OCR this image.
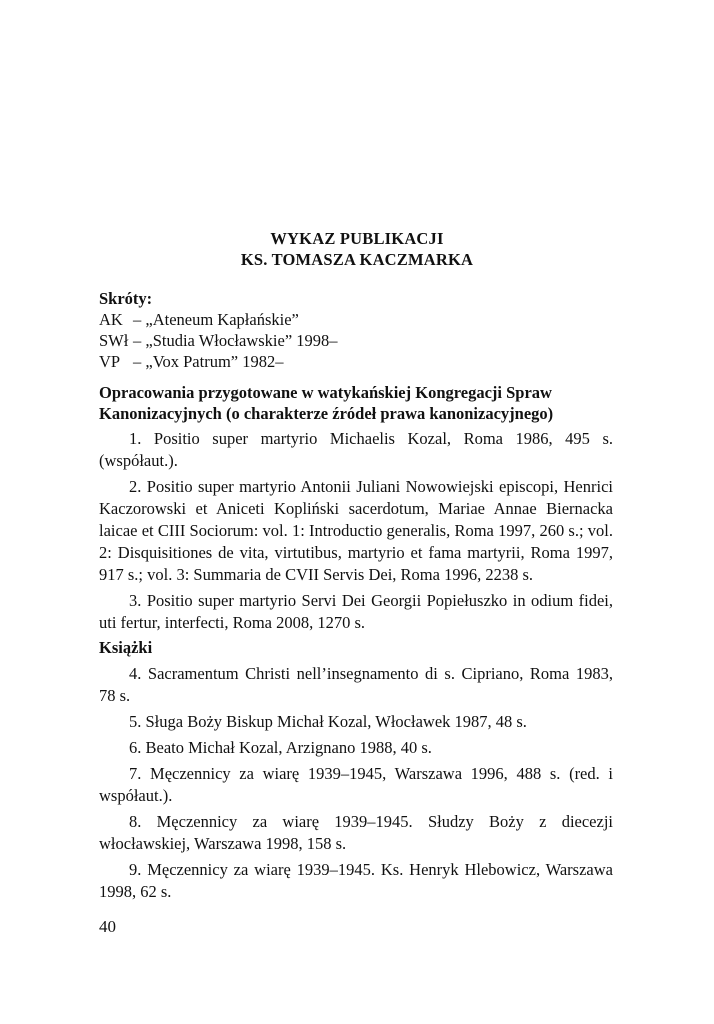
WYKAZ PUBLIKACJI
KS. TOMASZA KACZMARKA
Skróty:
AK – „Ateneum Kapłańskie”
SWł – „Studia Włocławskie” 1998–
VP – „Vox Patrum” 1982–
Opracowania przygotowane w watykańskiej Kongregacji Spraw Kanonizacyjnych (o charakterze źródeł prawa kanonizacyjnego)

1. Positio super martyrio Michaelis Kozal, Roma 1986, 495 s. (współaut.).

2. Positio super martyrio Antonii Juliani Nowowiejski episcopi, Henrici Kaczorowski et Aniceti Kopliński sacerdotum, Mariae Annae Biernacka laicae et CIII Sociorum: vol. 1: Introductio generalis, Roma 1997, 260 s.; vol. 2: Disquisitiones de vita, virtutibus, martyrio et fama martyrii, Roma 1997, 917 s.; vol. 3: Summaria de CVII Servis Dei, Roma 1996, 2238 s.

3. Positio super martyrio Servi Dei Georgii Popiełuszko in odium fidei, uti fertur, interfecti, Roma 2008, 1270 s.

Książki

4. Sacramentum Christi nell’insegnamento di s. Cipriano, Roma 1983, 78 s.

5. Sługa Boży Biskup Michał Kozal, Włocławek 1987, 48 s.

6. Beato Michał Kozal, Arzignano 1988, 40 s.

7. Męczennicy za wiarę 1939–1945, Warszawa 1996, 488 s. (red. i współaut.).

8. Męczennicy za wiarę 1939–1945. Słudzy Boży z diecezji włocławskiej, Warszawa 1998, 158 s.

9. Męczennicy za wiarę 1939–1945. Ks. Henryk Hlebowicz, Warszawa 1998, 62 s.

40
